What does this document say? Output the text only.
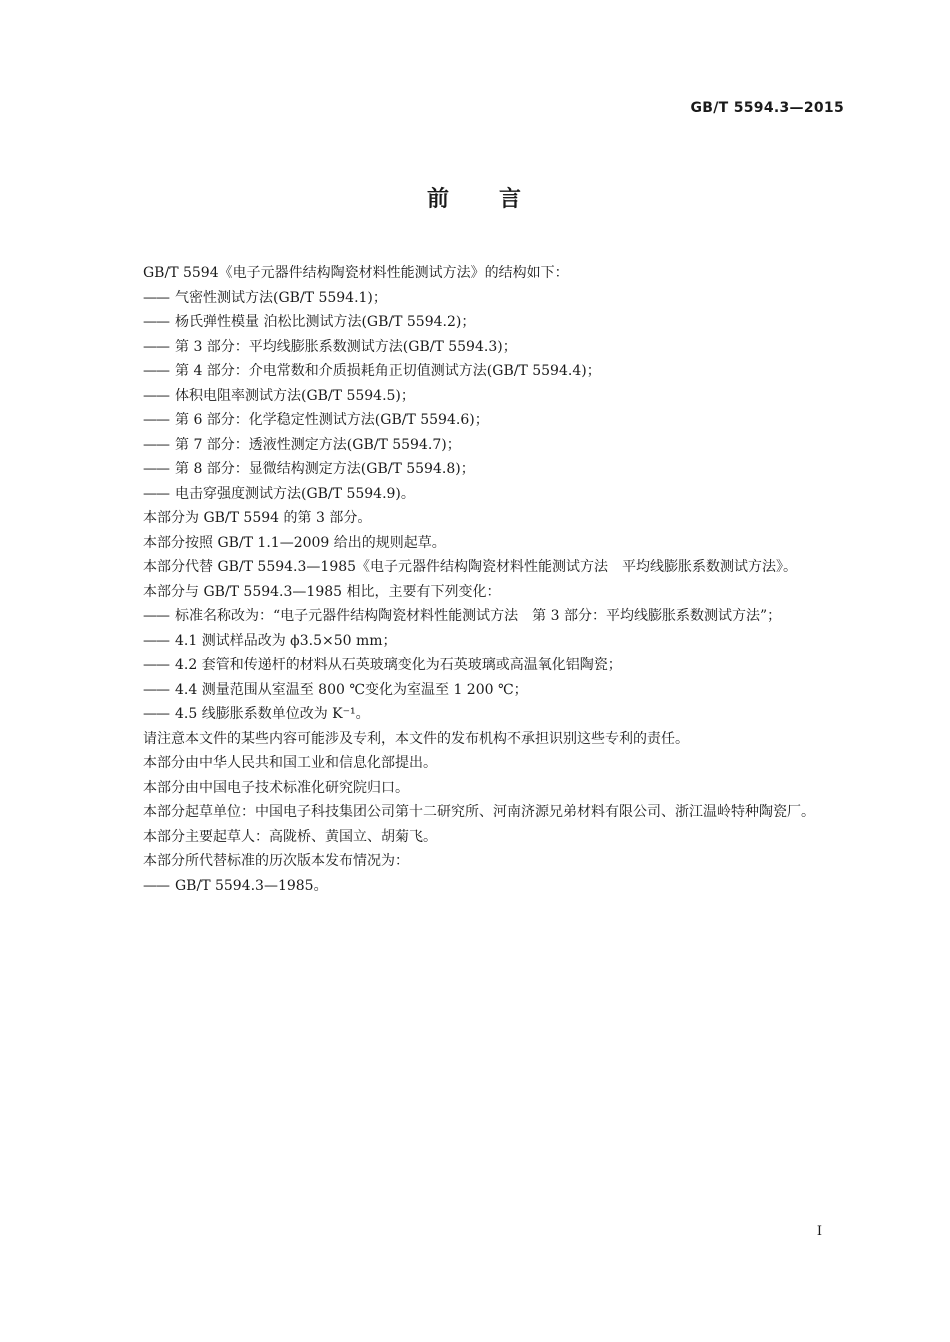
GB/T 5594.3—2015
前 言

GB/T 5594《电子元器件结构陶瓷材料性能测试方法》的结构如下：

—— 气密性测试方法(GB/T 5594.1)；
—— 杨氏弹性模量 泊松比测试方法(GB/T 5594.2)；
—— 第 3 部分：平均线膨胀系数测试方法(GB/T 5594.3)；
—— 第 4 部分：介电常数和介质损耗角正切值测试方法(GB/T 5594.4)；
—— 体积电阻率测试方法(GB/T 5594.5)；
—— 第 6 部分：化学稳定性测试方法(GB/T 5594.6)；
—— 第 7 部分：透液性测定方法(GB/T 5594.7)；
—— 第 8 部分：显微结构测定方法(GB/T 5594.8)；
—— 电击穿强度测试方法(GB/T 5594.9)。

本部分为 GB/T 5594 的第 3 部分。

本部分按照 GB/T 1.1—2009 给出的规则起草。

本部分代替 GB/T 5594.3—1985《电子元器件结构陶瓷材料性能测试方法　平均线膨胀系数测试方法》。

本部分与 GB/T 5594.3—1985 相比，主要有下列变化：

—— 标准名称改为：“电子元器件结构陶瓷材料性能测试方法　第 3 部分：平均线膨胀系数测试方法”；
—— 4.1 测试样品改为 ϕ3.5×50 mm；
—— 4.2 套管和传递杆的材料从石英玻璃变化为石英玻璃或高温氧化铝陶瓷；
—— 4.4 测量范围从室温至 800 ℃变化为室温至 1 200 ℃；
—— 4.5 线膨胀系数单位改为 K⁻¹。

请注意本文件的某些内容可能涉及专利，本文件的发布机构不承担识别这些专利的责任。

本部分由中华人民共和国工业和信息化部提出。

本部分由中国电子技术标准化研究院归口。

本部分起草单位：中国电子科技集团公司第十二研究所、河南济源兄弟材料有限公司、浙江温岭特种陶瓷厂。

本部分主要起草人：高陇桥、黄国立、胡菊飞。

本部分所代替标准的历次版本发布情况为：

—— GB/T 5594.3—1985。
I
